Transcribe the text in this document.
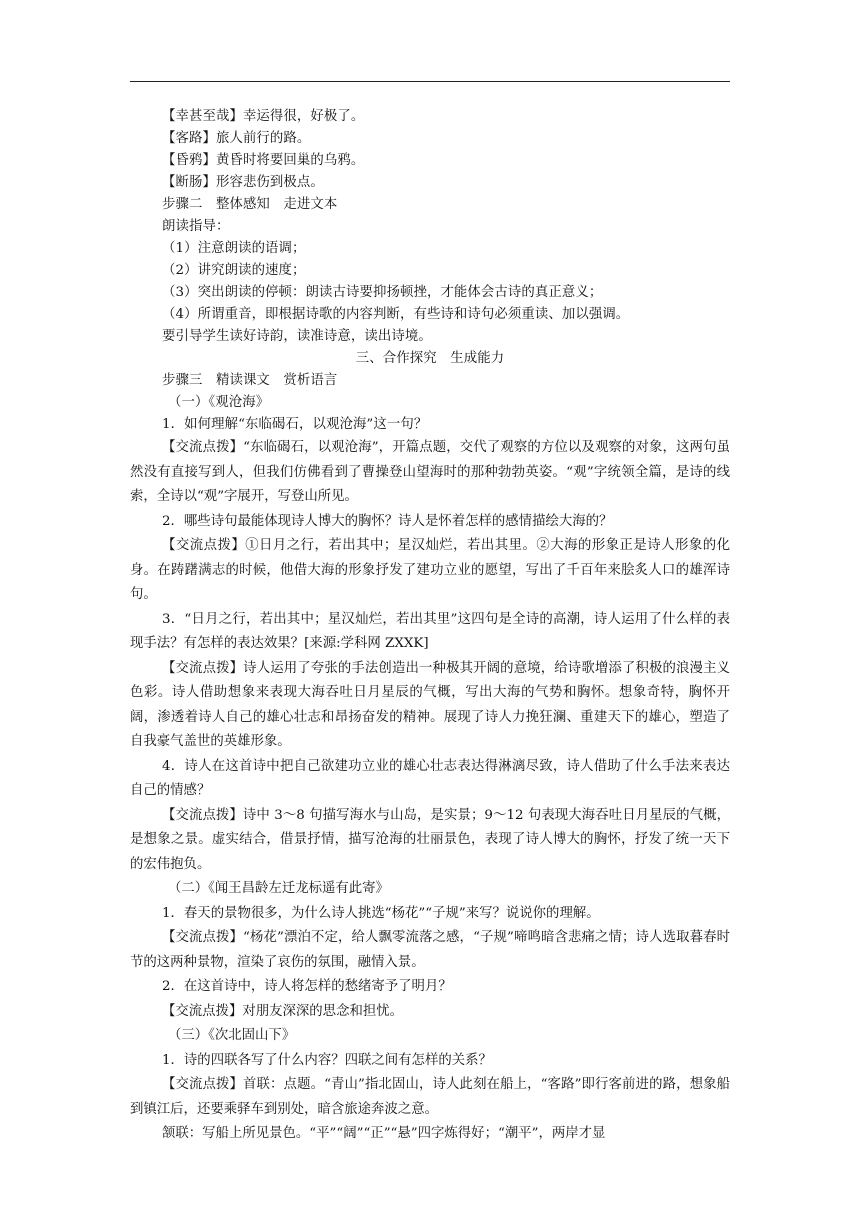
【幸甚至哉】幸运得很，好极了。
【客路】旅人前行的路。
【昏鸦】黄昏时将要回巢的乌鸦。
【断肠】形容悲伤到极点。
步骤二　整体感知　走进文本
朗读指导：
（1）注意朗读的语调；
（2）讲究朗读的速度；
（3）突出朗读的停顿：朗读古诗要抑扬顿挫，才能体会古诗的真正意义；
（4）所谓重音，即根据诗歌的内容判断，有些诗和诗句必须重读、加以强调。
要引导学生读好诗韵，读准诗意，读出诗境。
三、合作探究　生成能力
步骤三　精读课文　赏析语言
（一）《观沧海》
1．如何理解“东临碣石，以观沧海”这一句？

【交流点拨】“东临碣石，以观沧海”，开篇点题，交代了观察的方位以及观察的对象，这两句虽然没有直接写到人，但我们仿佛看到了曹操登山望海时的那种勃勃英姿。“观”字统领全篇，是诗的线索，全诗以“观”字展开，写登山所见。

2．哪些诗句最能体现诗人博大的胸怀？诗人是怀着怎样的感情描绘大海的？

【交流点拨】①日月之行，若出其中；星汉灿烂，若出其里。②大海的形象正是诗人形象的化身。在踌躇满志的时候，他借大海的形象抒发了建功立业的愿望，写出了千百年来脍炙人口的雄浑诗句。

3．“日月之行，若出其中；星汉灿烂，若出其里”这四句是全诗的高潮，诗人运用了什么样的表现手法？有怎样的表达效果？[来源:学科网 ZXXK]

【交流点拨】诗人运用了夸张的手法创造出一种极其开阔的意境，给诗歌增添了积极的浪漫主义色彩。诗人借助想象来表现大海吞吐日月星辰的气概，写出大海的气势和胸怀。想象奇特，胸怀开阔，渗透着诗人自己的雄心壮志和昂扬奋发的精神。展现了诗人力挽狂澜、重建天下的雄心，塑造了自我豪气盖世的英雄形象。

4．诗人在这首诗中把自己欲建功立业的雄心壮志表达得淋漓尽致，诗人借助了什么手法来表达自己的情感？

【交流点拨】诗中 3～8 句描写海水与山岛，是实景；9～12 句表现大海吞吐日月星辰的气概，是想象之景。虚实结合，借景抒情，描写沧海的壮丽景色，表现了诗人博大的胸怀，抒发了统一天下的宏伟抱负。

（二）《闻王昌龄左迁龙标遥有此寄》

1．春天的景物很多，为什么诗人挑选“杨花”“子规”来写？说说你的理解。

【交流点拨】“杨花”漂泊不定，给人飘零流落之感，“子规”啼鸣暗含悲痛之情；诗人选取暮春时节的这两种景物，渲染了哀伤的氛围，融情入景。

2．在这首诗中，诗人将怎样的愁绪寄予了明月？

【交流点拨】对朋友深深的思念和担忧。

（三）《次北固山下》

1．诗的四联各写了什么内容？四联之间有怎样的关系？

【交流点拨】首联：点题。“青山”指北固山，诗人此刻在船上，“客路”即行客前进的路，想象船到镇江后，还要乘驿车到别处，暗含旅途奔波之意。

颔联：写船上所见景色。“平”“阔”“正”“悬”四字炼得好；“潮平”，两岸才显
